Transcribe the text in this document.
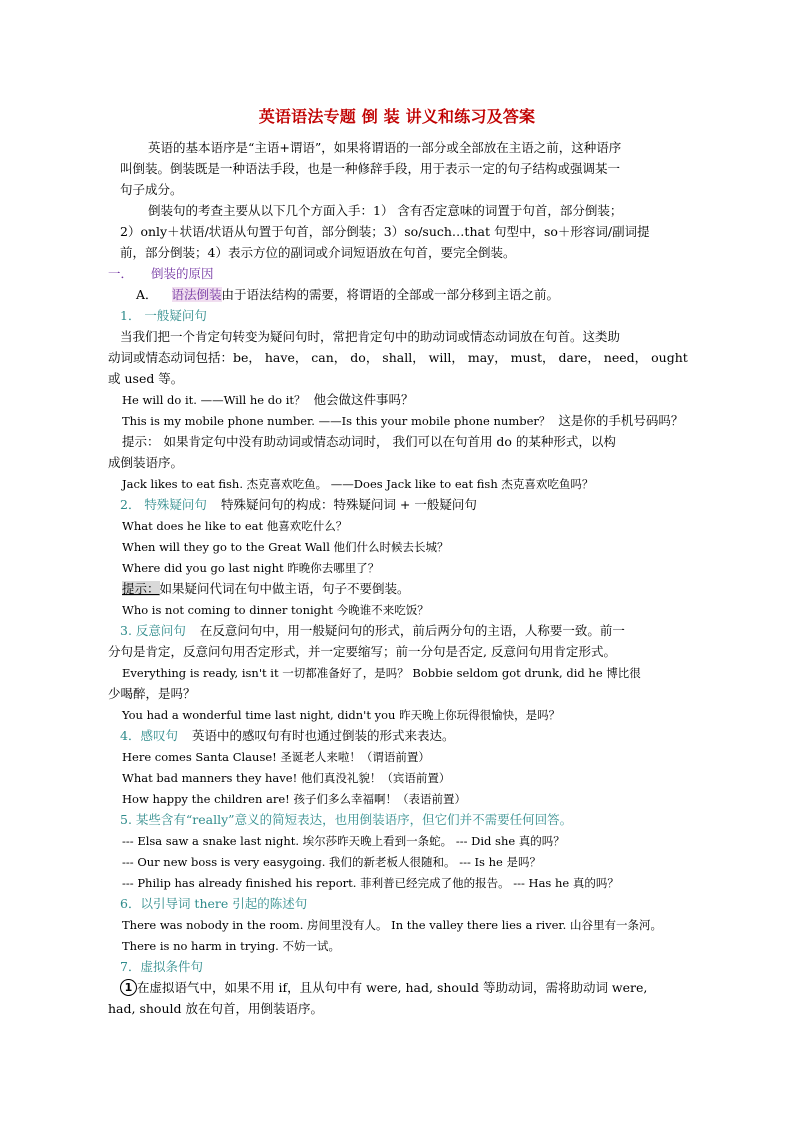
英语语法专题 倒 装 讲义和练习及答案
英语的基本语序是“主语+谓语”，如果将谓语的一部分或全部放在主语之前，这种语序
叫倒装。倒装既是一种语法手段，也是一种修辞手段，用于表示一定的句子结构或强调某一
句子成分。
倒装句的考查主要从以下几个方面入手：1） 含有否定意味的词置于句首，部分倒装；
2）only＋状语/状语从句置于句首，部分倒装；3）so/such…that 句型中，so＋形容词/副词提
前，部分倒装；4）表示方位的副词或介词短语放在句首，要完全倒装。
一． 倒装的原因
A． 语法倒装由于语法结构的需要，将谓语的全部或一部分移到主语之前。
1． 一般疑问句
当我们把一个肯定句转变为疑问句时，常把肯定句中的助动词或情态动词放在句首。这类助
动词或情态动词包括：be， have， can， do， shall， will， may， must， dare， need， ought
或 used 等。
He will do it. ——Will he do it？ 他会做这件事吗？
This is my mobile phone number. ——Is this your mobile phone number？ 这是你的手机号码吗？
提示： 如果肯定句中没有助动词或情态动词时， 我们可以在句首用 do 的某种形式，以构
成倒装语序。
Jack likes to eat fish. 杰克喜欢吃鱼。 ——Does Jack like to eat fish 杰克喜欢吃鱼吗？
2． 特殊疑问句 特殊疑问句的构成：特殊疑问词 + 一般疑问句
What does he like to eat 他喜欢吃什么？
When will they go to the Great Wall 他们什么时候去长城？
Where did you go last night 昨晚你去哪里了？
提示：如果疑问代词在句中做主语，句子不要倒装。
Who is not coming to dinner tonight 今晚谁不来吃饭？
3. 反意问句 在反意问句中，用一般疑问句的形式，前后两分句的主语，人称要一致。前一
分句是肯定，反意问句用否定形式，并一定要缩写；前一分句是否定, 反意问句用肯定形式。
Everything is ready, isn't it 一切都准备好了，是吗？ Bobbie seldom got drunk, did he 博比很
少喝醉，是吗？
You had a wonderful time last night, didn't you 昨天晚上你玩得很愉快，是吗？
4．感叹句 英语中的感叹句有时也通过倒装的形式来表达。
Here comes Santa Clause! 圣诞老人来啦！（谓语前置）
What bad manners they have! 他们真没礼貌！（宾语前置）
How happy the children are! 孩子们多么幸福啊！（表语前置）
5. 某些含有“really”意义的简短表达，也用倒装语序，但它们并不需要任何回答。
--- Elsa saw a snake last night. 埃尔莎昨天晚上看到一条蛇。 --- Did she 真的吗？
--- Our new boss is very easygoing. 我们的新老板人很随和。 --- Is he 是吗？
--- Philip has already finished his report. 菲利普已经完成了他的报告。 --- Has he 真的吗？
6．以引导词 there 引起的陈述句
There was nobody in the room. 房间里没有人。 In the valley there lies a river. 山谷里有一条河。
There is no harm in trying. 不妨一试。
7．虚拟条件句
1 在虚拟语气中，如果不用 if，且从句中有 were, had, should 等助动词，需将助动词 were,
had, should 放在句首，用倒装语序。
